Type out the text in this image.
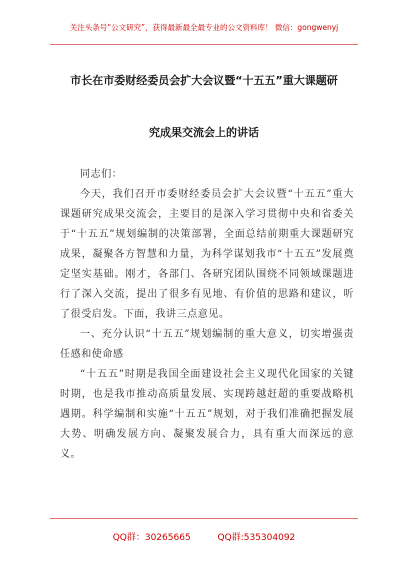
关注头条号“公文研究”，获得最新最全最专业的公文资料库！ 微信：gongwenyj
市长在市委财经委员会扩大会议暨“十五五”重大课题研
究成果交流会上的讲话

同志们：

今天，我们召开市委财经委员会扩大会议暨“十五五”重大课题研究成果交流会，主要目的是深入学习贯彻中央和省委关于“十五五”规划编制的决策部署，全面总结前期重大课题研究成果，凝聚各方智慧和力量，为科学谋划我市“十五五”发展奠定坚实基础。刚才，各部门、各研究团队围绕不同领域课题进行了深入交流，提出了很多有见地、有价值的思路和建议，听了很受启发。下面，我讲三点意见。

一、充分认识“十五五”规划编制的重大意义，切实增强责任感和使命感

“十五五”时期是我国全面建设社会主义现代化国家的关键时期，也是我市推动高质量发展、实现跨越赶超的重要战略机遇期。科学编制和实施“十五五”规划，对于我们准确把握发展大势、明确发展方向、凝聚发展合力，具有重大而深远的意义。

QQ群：30265665	QQ群:535304092
